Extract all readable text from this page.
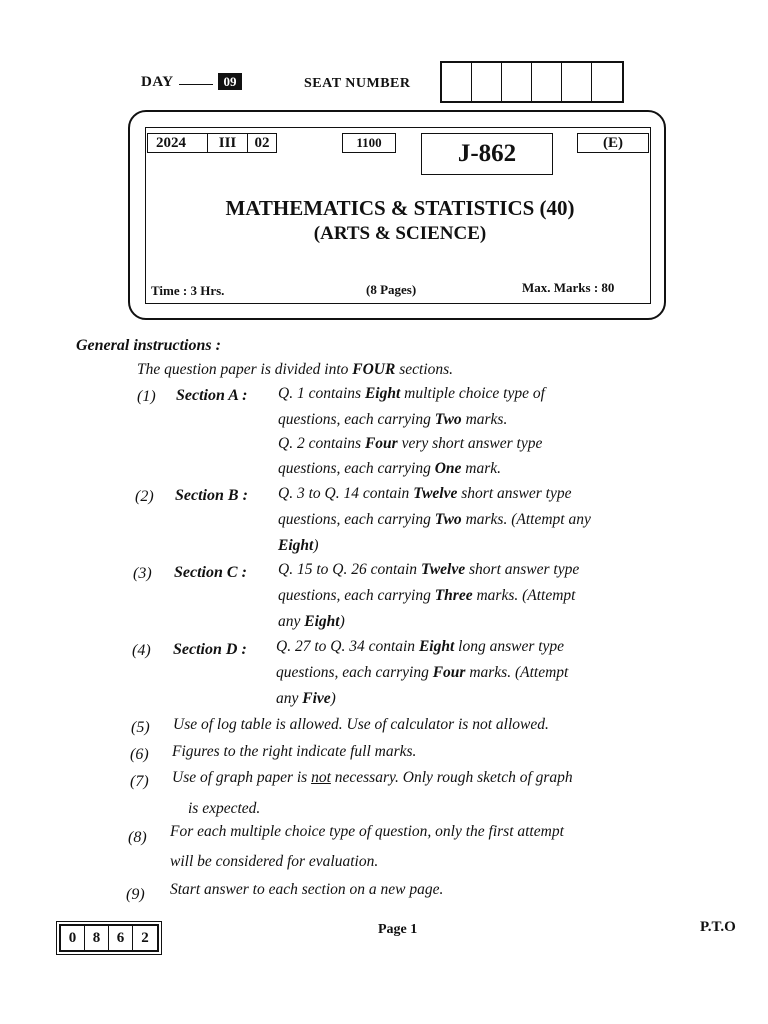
DAY	09	SEAT NUMBER
2024	III	02	1100	J-862	(E)
MATHEMATICS & STATISTICS (40)
(ARTS & SCIENCE)
Time : 3 Hrs.	(8 Pages)	Max. Marks : 80
General instructions :
The question paper is divided into FOUR sections.
(1) Section A : Q. 1 contains Eight multiple choice type of
questions, each carrying Two marks.
Q. 2 contains Four very short answer type
questions, each carrying One mark.
(2) Section B : Q. 3 to Q. 14 contain Twelve short answer type
questions, each carrying Two marks. (Attempt any
Eight)
(3) Section C : Q. 15 to Q. 26 contain Twelve short answer type
questions, each carrying Three marks. (Attempt
any Eight)
(4) Section D : Q. 27 to Q. 34 contain Eight long answer type
questions, each carrying Four marks. (Attempt
any Five)
(5) Use of log table is allowed. Use of calculator is not allowed.
(6) Figures to the right indicate full marks.
(7) Use of graph paper is not necessary. Only rough sketch of graph
is expected.
(8) For each multiple choice type of question, only the first attempt
will be considered for evaluation.
(9) Start answer to each section on a new page.
0	8	6	2
Page 1	P.T.O
